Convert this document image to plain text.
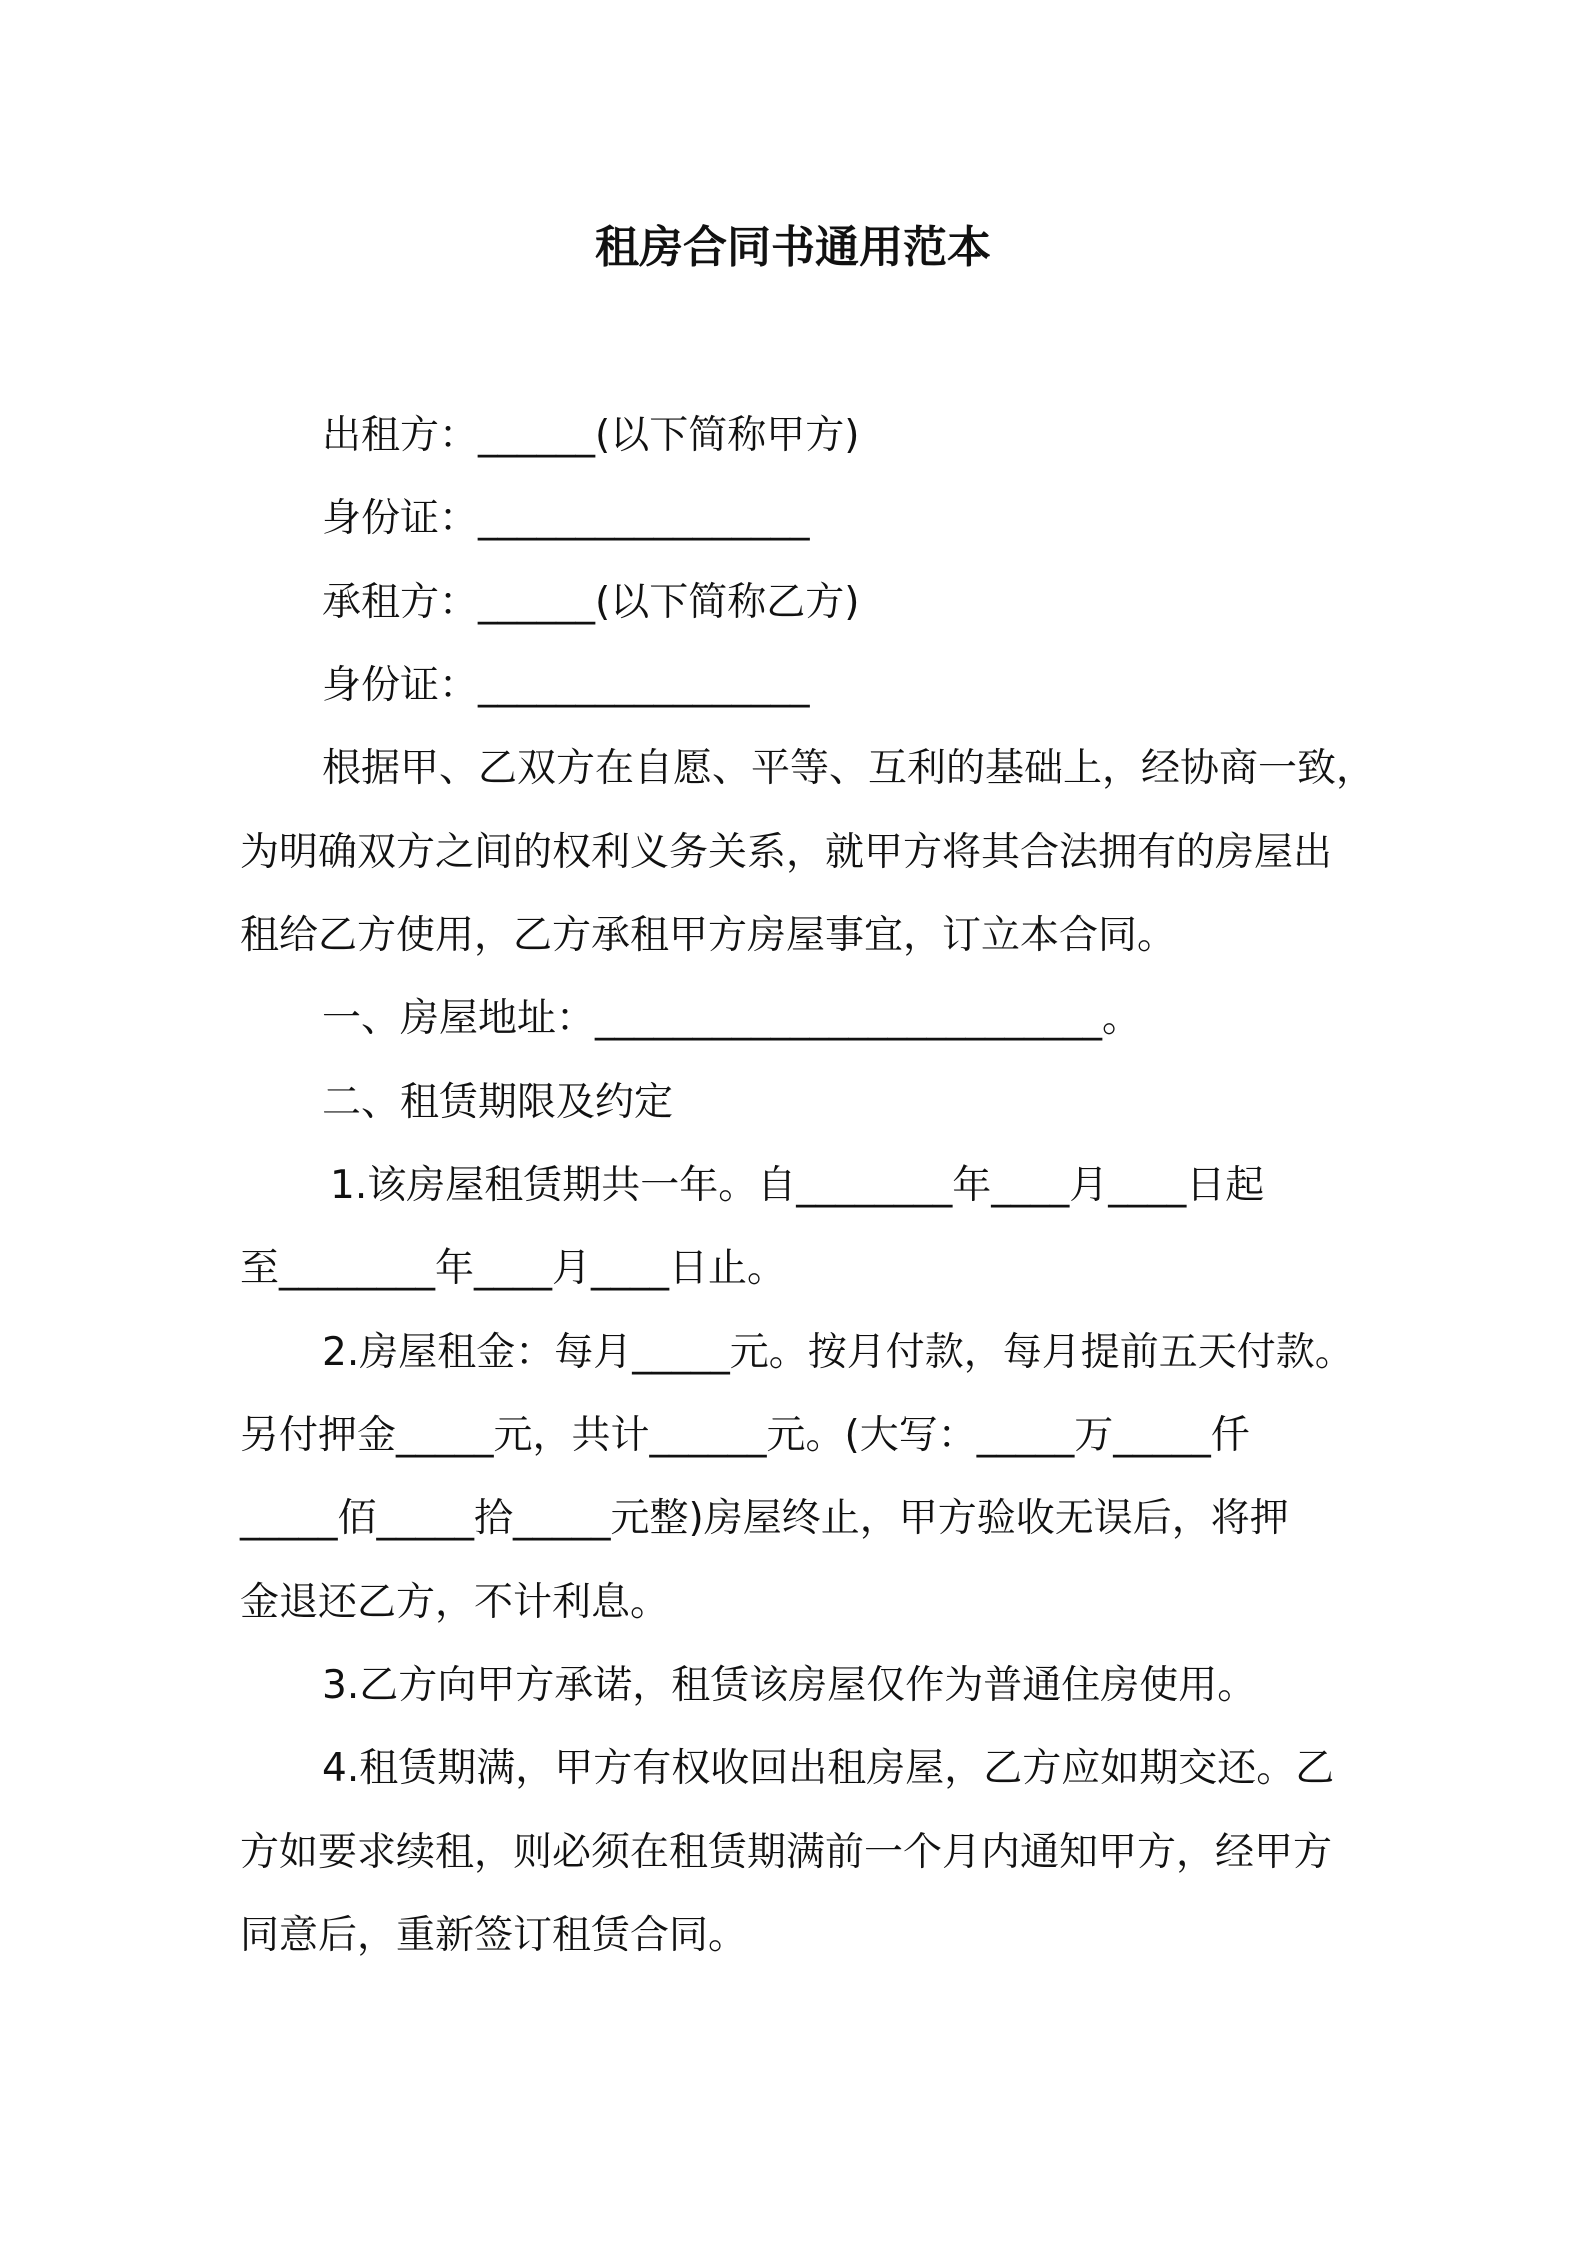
租房合同书通用范本
出租方：______(以下简称甲方)
身份证：_________________
承租方：______(以下简称乙方)
身份证：_________________
根据甲、乙双方在自愿、平等、互利的基础上，经协商一致，
为明确双方之间的权利义务关系，就甲方将其合法拥有的房屋出
租给乙方使用，乙方承租甲方房屋事宜，订立本合同。
一、房屋地址：__________________________。
二、租赁期限及约定
1.该房屋租赁期共一年。自________年____月____日起
至________年____月____日止。
2.房屋租金：每月_____元。按月付款，每月提前五天付款。
另付押金_____元，共计______元。(大写：_____万_____仟
_____佰_____拾_____元整)房屋终止，甲方验收无误后，将押
金退还乙方，不计利息。
3.乙方向甲方承诺，租赁该房屋仅作为普通住房使用。
4.租赁期满，甲方有权收回出租房屋，乙方应如期交还。乙
方如要求续租，则必须在租赁期满前一个月内通知甲方，经甲方
同意后，重新签订租赁合同。
